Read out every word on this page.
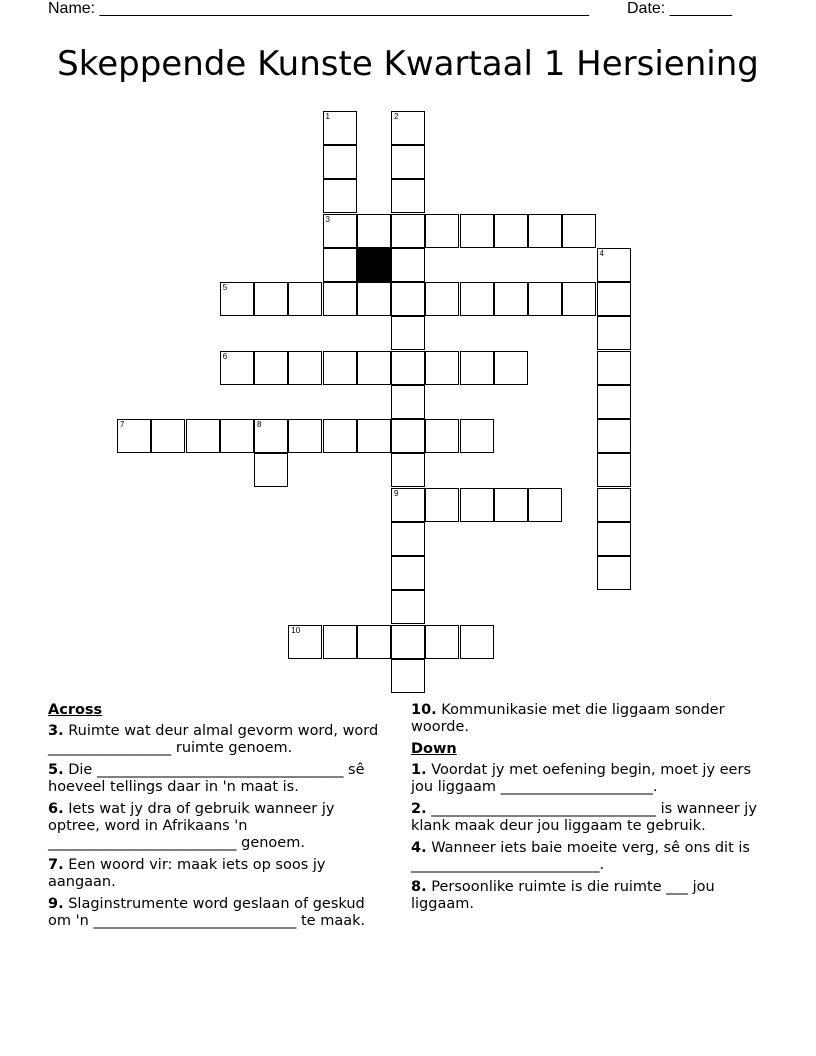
Name: _______________________________________________________ Date: _______
Skeppende Kunste Kwartaal 1 Hersiening
1	2
3
4
5
6
7	8
9
10
Across
3. Ruimte wat deur almal gevorm word, word _________________ ruimte genoem.
5. Die __________________________________ sê hoeveel tellings daar in 'n maat is.
6. Iets wat jy dra of gebruik wanneer jy optree, word in Afrikaans 'n __________________________ genoem.
7. Een woord vir: maak iets op soos jy aangaan.
9. Slaginstrumente word geslaan of geskud om 'n ____________________________ te maak.
10. Kommunikasie met die liggaam sonder woorde.
Down
1. Voordat jy met oefening begin, moet jy eers jou liggaam _____________________.
2. _______________________________ is wanneer jy klank maak deur jou liggaam te gebruik.
4. Wanneer iets baie moeite verg, sê ons dit is __________________________.
8. Persoonlike ruimte is die ruimte ___ jou liggaam.
